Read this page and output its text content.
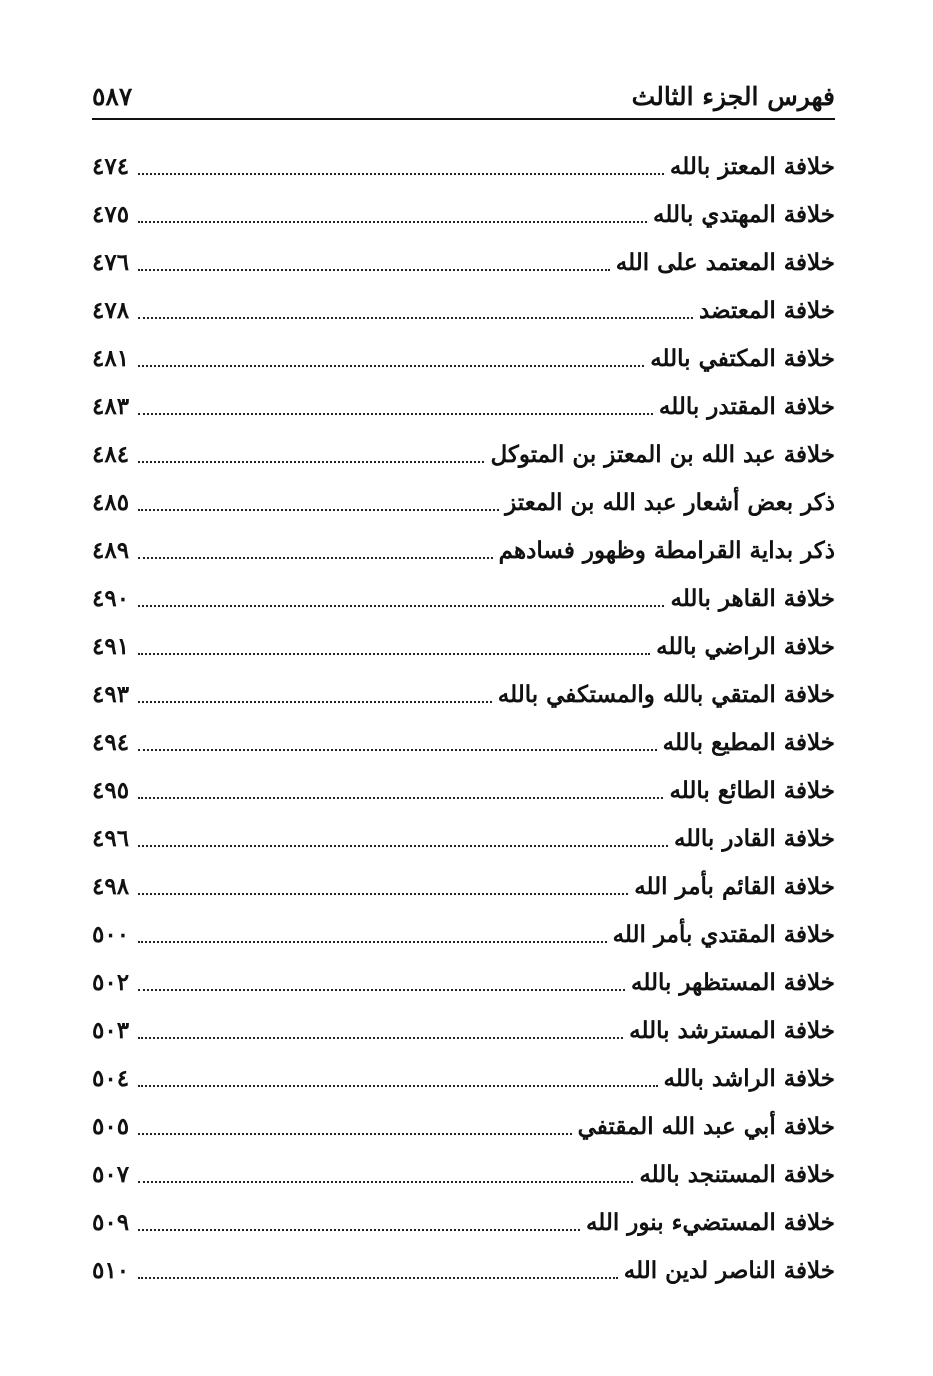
فهرس الجزء الثالث
٥٨٧
خلافة المعتز بالله
٤٧٤
خلافة المهتدي بالله
٤٧٥
خلافة المعتمد على الله
٤٧٦
خلافة المعتضد
٤٧٨
خلافة المكتفي بالله
٤٨١
خلافة المقتدر بالله
٤٨٣
خلافة عبد الله بن المعتز بن المتوكل
٤٨٤
ذكر بعض أشعار عبد الله بن المعتز
٤٨٥
ذكر بداية القرامطة وظهور فسادهم
٤٨٩
خلافة القاهر بالله
٤٩٠
خلافة الراضي بالله
٤٩١
خلافة المتقي بالله والمستكفي بالله
٤٩٣
خلافة المطيع بالله
٤٩٤
خلافة الطائع بالله
٤٩٥
خلافة القادر بالله
٤٩٦
خلافة القائم بأمر الله
٤٩٨
خلافة المقتدي بأمر الله
٥٠٠
خلافة المستظهر بالله
٥٠٢
خلافة المسترشد بالله
٥٠٣
خلافة الراشد بالله
٥٠٤
خلافة أبي عبد الله المقتفي
٥٠٥
خلافة المستنجد بالله
٥٠٧
خلافة المستضيء بنور الله
٥٠٩
خلافة الناصر لدين الله
٥١٠
